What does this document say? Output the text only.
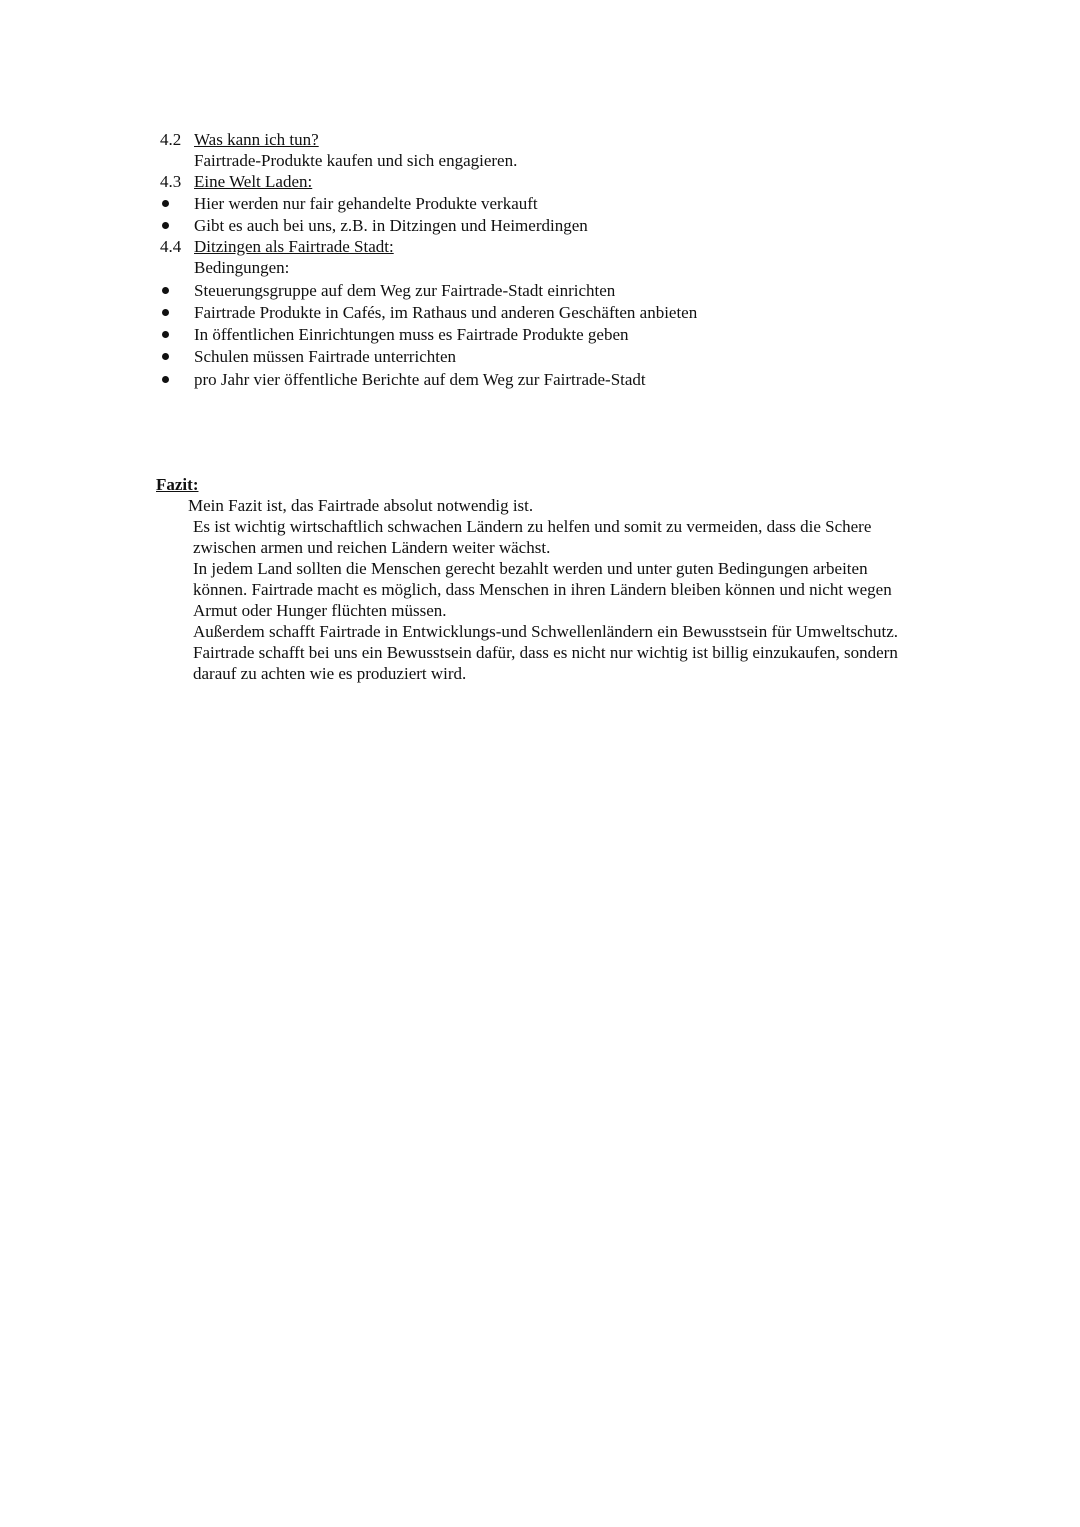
4.2 Was kann ich tun?
Fairtrade-Produkte kaufen und sich engagieren.
4.3 Eine Welt Laden:
Hier werden nur fair gehandelte Produkte verkauft
Gibt es auch bei uns, z.B. in Ditzingen und Heimerdingen
4.4 Ditzingen als Fairtrade Stadt:
Bedingungen:
Steuerungsgruppe auf dem Weg zur Fairtrade-Stadt einrichten
Fairtrade Produkte in Cafés, im Rathaus und anderen Geschäften anbieten
In öffentlichen Einrichtungen muss es Fairtrade Produkte geben
Schulen müssen Fairtrade unterrichten
pro Jahr vier öffentliche Berichte auf dem Weg zur Fairtrade-Stadt
Fazit:
Mein Fazit ist, das Fairtrade absolut notwendig ist.
Es ist wichtig wirtschaftlich schwachen Ländern zu helfen und somit zu vermeiden, dass die Schere
zwischen armen und reichen Ländern weiter wächst.
In jedem Land sollten die Menschen gerecht bezahlt werden und unter guten Bedingungen arbeiten
können. Fairtrade macht es möglich, dass Menschen in ihren Ländern bleiben können und nicht wegen
Armut oder Hunger flüchten müssen.
Außerdem schafft Fairtrade in Entwicklungs-und Schwellenländern ein Bewusstsein für Umweltschutz.
Fairtrade schafft bei uns ein Bewusstsein dafür, dass es nicht nur wichtig ist billig einzukaufen, sondern
darauf zu achten wie es produziert wird.
